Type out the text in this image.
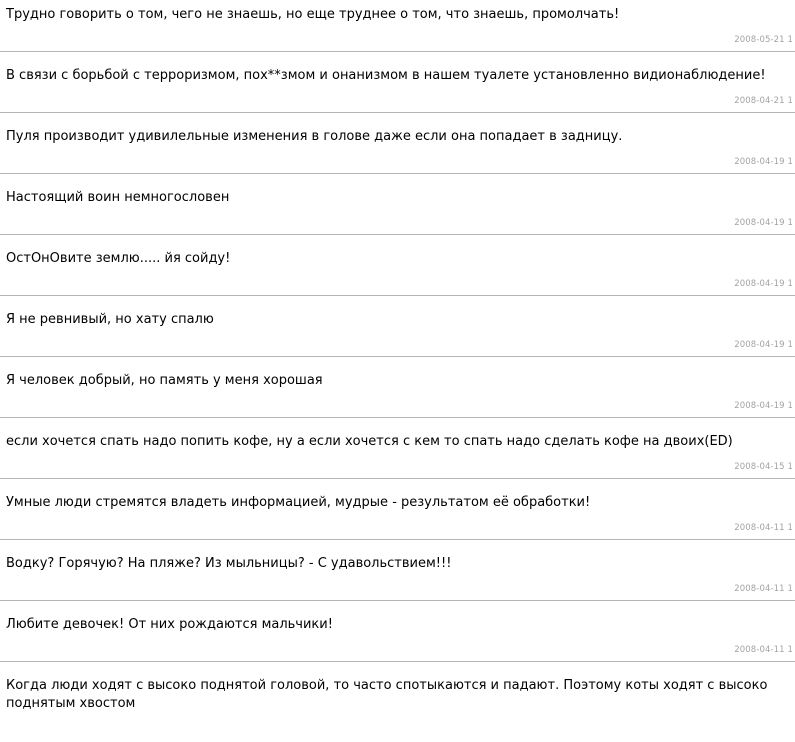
Трудно говорить о том, чего не знаешь, но еще труднее о том, что знаешь, промолчать!
2008-05-21 1
В связи с борьбой с терроризмом, пох**змом и онанизмом в нашем туалете установленно видионаблюдение!
2008-04-21 1
Пуля производит удивилельные изменения в голове даже если она попадает в задницу.
2008-04-19 1
Настоящий воин немногословен
2008-04-19 1
ОстОнОвите землю..... йя сойду!
2008-04-19 1
Я не ревнивый, но хату спалю
2008-04-19 1
Я человек добрый, но память у меня хорошая
2008-04-19 1
если хочется спать надо попить кофе, ну а если хочется с кем то спать надо сделать кофе на двоих(ED)
2008-04-15 1
Умные люди стремятся владеть информацией, мудрые - результатом её обработки!
2008-04-11 1
Водку? Горячую? На пляже? Из мыльницы? - С удавольствием!!!
2008-04-11 1
Любите девочек! От них рождаются мальчики!
2008-04-11 1
Когда люди ходят с высоко поднятой головой, то часто спотыкаются и падают. Поэтому коты ходят с высоко поднятым хвостом
